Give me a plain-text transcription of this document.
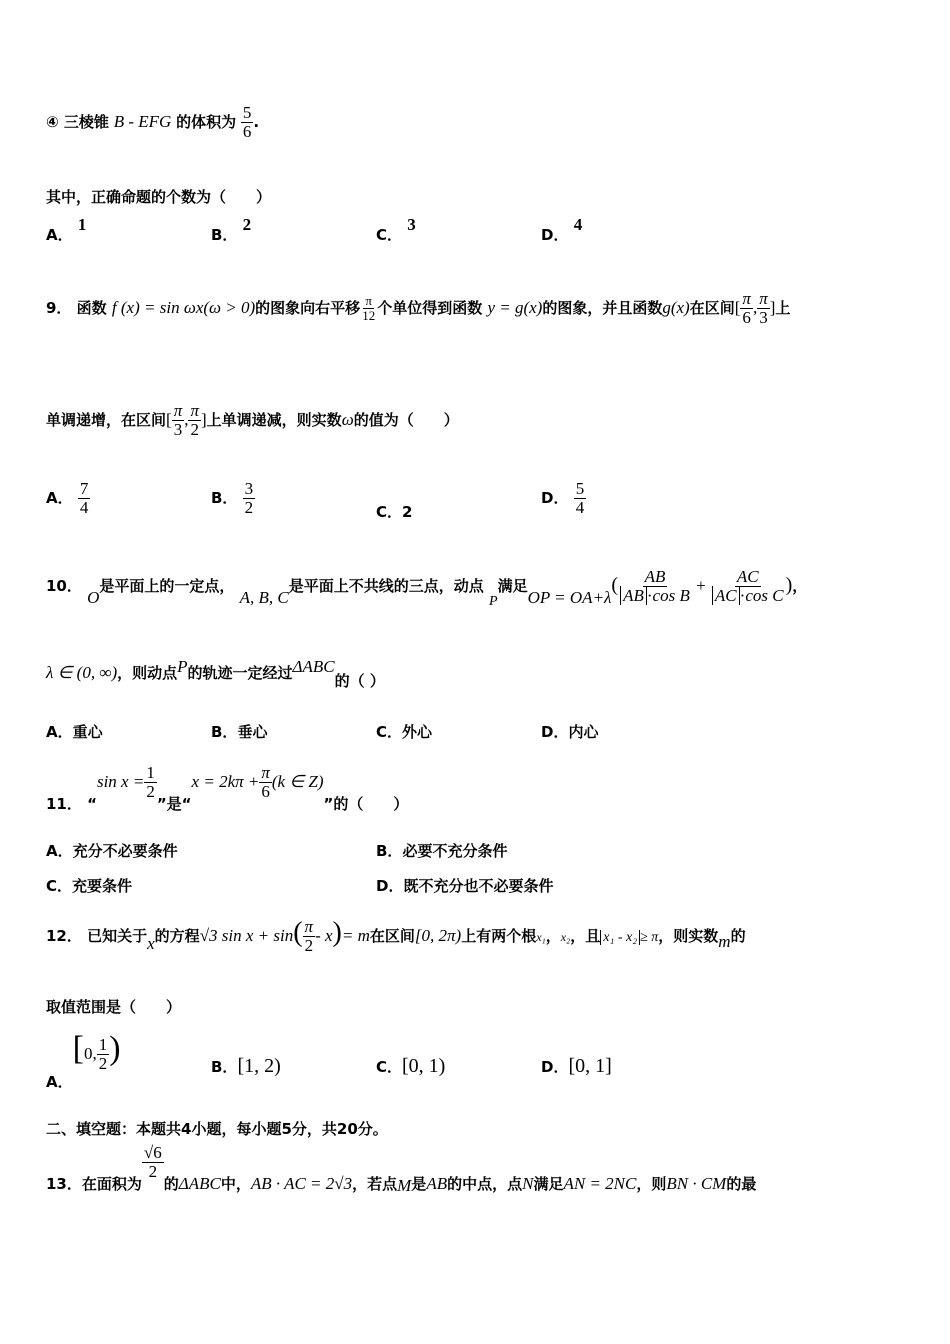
④ 三棱锥 B - EFG 的体积为 $\frac{5}{6}$ .
其中，正确命题的个数为（　　）
A． 1
B． 2
C． 3
D． 4
9． 函数 f (x) = sin ωx(ω > 0)的图象向右平移 $\frac{\pi}{12}$ 个单位得到函数 y = g(x)的图象，并且函数g(x)在区间[ $\frac{\pi}{6}$ , $\frac{\pi}{3}$ ]上
单调递增，在区间[ $\frac{\pi}{3}$ , $\frac{\pi}{2}$ ]上单调递减，则实数ω的值为（　　）
A． $\frac{7}{4}$	B． $\frac{3}{2}$	C．2
D． $\frac{5}{4}$
10． O是平面上的一定点， A, B, C是平面上不共线的三点，动点 P满足OP = $OA+\lambda( \frac{AB}{\text{AB ·cos B}} + \frac{AC}{\text{AC ·cos C}}$ )，
λ ∈ (0, ∞)，则动点P的轨迹一定经过ΔABC的（ ）
A．重心	B．垂心	C．外心	D．内心
11． “sin $x = \frac{1}{2}$
”是“$x = 2k\pi + \frac{\pi}{6} (k$ ∈ Z)”的（　　）
A．充分不必要条件	B．必要不充分条件
C．充要条件	D．既不充分也不必要条件
12． 已知关于x的方程√3 $\sin x + \sin( \frac{\pi}{2} - x)= m$在区间[0, 2π)上有两个根x₁，x₂，且 x₁ - x₂ ≥ π，则实数m的
取值范围是（　　）
A．[0, $\frac{1}{2}$ )	B．[1, 2)	C．[0, 1)	D．[0, 1]
二、填空题：本题共4小题，每小题5分，共20分。
13．在面积为
$\frac{√6}{2}$
的ΔABC中，AB · AC = 2√3，若点M是AB的中点，点N满足AN = 2NC，则BN · CM的最
